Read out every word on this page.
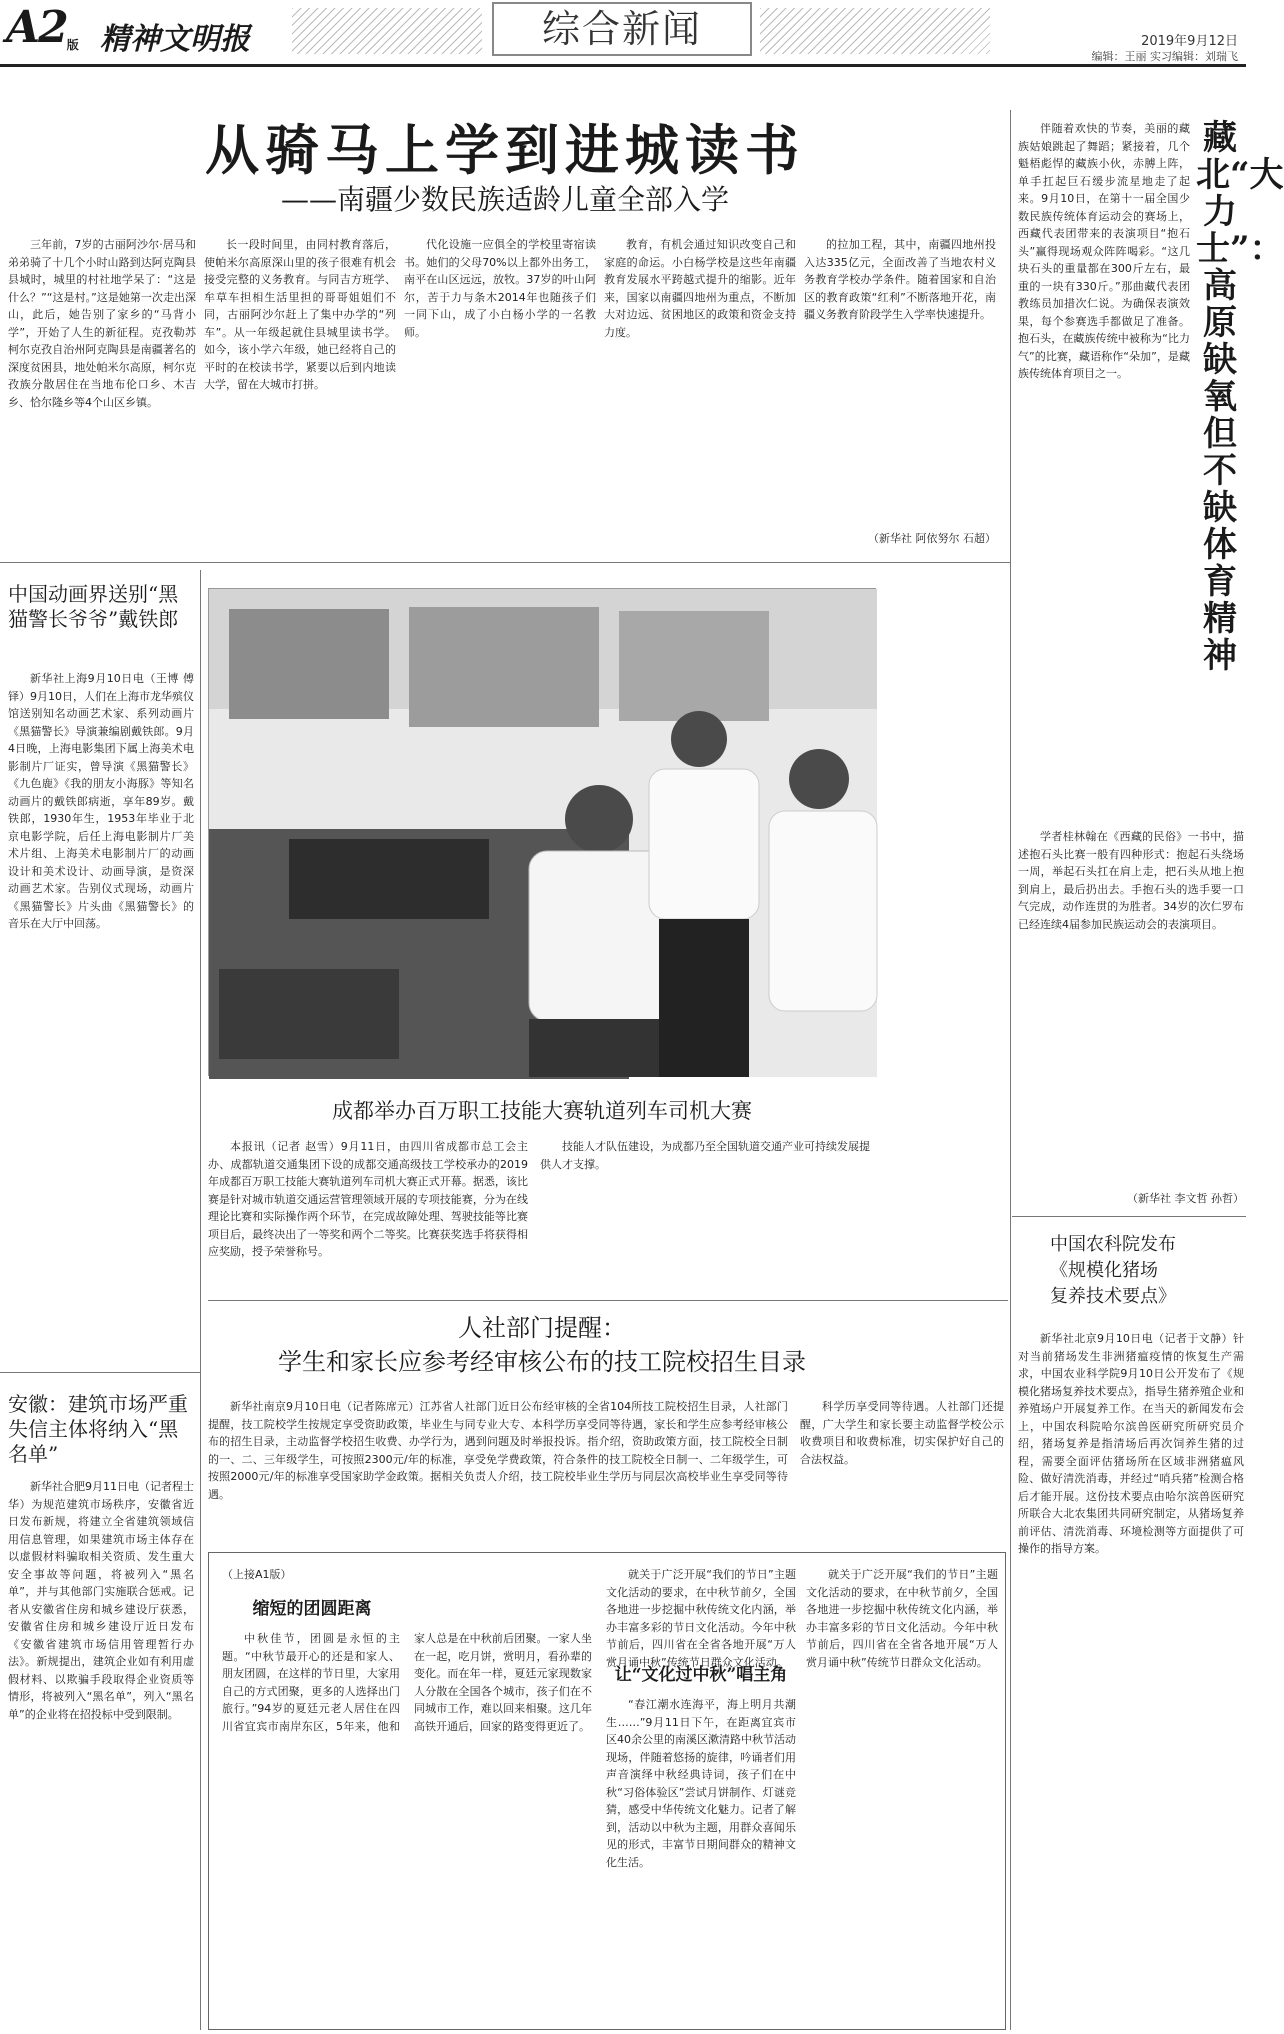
A2版 精神文明报	综合新闻	2019年9月12日
编辑：王丽 实习编辑：刘瑞飞
从骑马上学到进城读书
——南疆少数民族适龄儿童全部入学

三年前，7岁的古丽阿沙尔·居马和弟弟骑了十几个小时山路到达阿克陶县县城时，城里的村社地学呆了：“这是什么？”“这是村。”这是她第一次走出深山，此后，她告别了家乡的“马背小学”，开始了人生的新征程。克孜勒苏柯尔克孜自治州阿克陶县是南疆著名的深度贫困县，地处帕米尔高原，柯尔克孜族分散居住在当地布伦口乡、木吉乡、恰尔隆乡等4个山区乡镇。

长一段时间里，由同村教育落后，使帕米尔高原深山里的孩子很难有机会接受完整的义务教育。与同吉方班学、牟草车担相生活里担的哥哥姐姐们不同，古丽阿沙尔赶上了集中办学的“列车”。从一年级起就住县城里读书学。如今，该小学六年级，她已经将自己的平时的在校读书学，紧要以后到内地读大学，留在大城市打拼。

代化设施一应俱全的学校里寄宿读书。她们的父母70%以上都外出务工，南平在山区远远，放牧。37岁的叶山阿尔，苦于力与条木2014年也随孩子们一同下山，成了小白杨小学的一名教师。

教育，有机会通过知识改变自己和家庭的命运。小白杨学校是这些年南疆教育发展水平跨越式提升的缩影。近年来，国家以南疆四地州为重点，不断加大对边远、贫困地区的政策和资金支持力度。

的拉加工程，其中，南疆四地州投入达335亿元，全面改善了当地农村义务教育学校办学条件。随着国家和自治区的教育政策“红利”不断落地开花，南疆义务教育阶段学生入学率快速提升。

（新华社 阿依努尔 石超）
成都举办百万职工技能大赛轨道列车司机大赛

本报讯（记者 赵雪）9月11日，由四川省成都市总工会主办、成都轨道交通集团下设的成都交通高级技工学校承办的2019年成都百万职工技能大赛轨道列车司机大赛正式开幕。据悉，该比赛是针对城市轨道交通运营管理领域开展的专项技能赛，分为在线理论比赛和实际操作两个环节，在完成故障处理、驾驶技能等比赛项目后，最终决出了一等奖和两个二等奖。比赛获奖选手将获得相应奖励，授予荣誉称号。

技能人才队伍建设，为成都乃至全国轨道交通产业可持续发展提供人才支撑。

中国动画界送别“黑猫警长爷爷”戴铁郎

新华社上海9月10日电（王博 傅铎）9月10日，人们在上海市龙华殡仪馆送别知名动画艺术家、系列动画片《黑猫警长》导演兼编剧戴铁郎。9月4日晚，上海电影集团下属上海美术电影制片厂证实，曾导演《黑猫警长》《九色鹿》《我的朋友小海豚》等知名动画片的戴铁郎病逝，享年89岁。戴铁郎，1930年生，1953年毕业于北京电影学院，后任上海电影制片厂美术片组、上海美术电影制片厂的动画设计和美术设计、动画导演，是资深动画艺术家。告别仪式现场，动画片《黑猫警长》片头曲《黑猫警长》的音乐在大厅中回荡。

安徽：建筑市场严重失信主体将纳入“黑名单”

新华社合肥9月11日电（记者程士华）为规范建筑市场秩序，安徽省近日发布新规，将建立全省建筑领域信用信息管理，如果建筑市场主体存在以虚假材料骗取相关资质、发生重大安全事故等问题，将被列入“黑名单”，并与其他部门实施联合惩戒。记者从安徽省住房和城乡建设厅获悉，安徽省住房和城乡建设厅近日发布《安徽省建筑市场信用管理暂行办法》。新规提出，建筑企业如有利用虚假材料、以欺骗手段取得企业资质等情形，将被列入“黑名单”，列入“黑名单”的企业将在招投标中受到限制。

人社部门提醒：
学生和家长应参考经审核公布的技工院校招生目录

新华社南京9月10日电（记者陈席元）江苏省人社部门近日公布经审核的全省104所技工院校招生目录，人社部门提醒，技工院校学生按规定享受资助政策，毕业生与同专业大专、本科学历享受同等待遇，家长和学生应参考经审核公布的招生目录，主动监督学校招生收费、办学行为，遇到问题及时举报投诉。指介绍，资助政策方面，技工院校全日制的一、二、三年级学生，可按照2300元/年的标准，享受免学费政策，符合条件的技工院校全日制一、二年级学生，可按照2000元/年的标准享受国家助学金政策。据相关负责人介绍，技工院校毕业生学历与同层次高校毕业生享受同等待遇。

科学历享受同等待遇。人社部门还提醒，广大学生和家长要主动监督学校公示收费项目和收费标准，切实保护好自己的合法权益。

（上接A1版）
缩短的团圆距离

中秋佳节，团圆是永恒的主题。“中秋节最开心的还是和家人、朋友团圆，在这样的节日里，大家用自己的方式团聚，更多的人选择出门旅行。”94岁的夏廷元老人居住在四川省宜宾市南岸东区，5年来，他和家人总是在中秋前后团聚。一家人坐在一起，吃月饼，赏明月，看孙辈的变化。而在年一样，夏廷元家现数家人分散在全国各个城市，孩子们在不同城市工作，难以回来相聚。这几年高铁开通后，回家的路变得更近了。

让“文化过中秋”唱主角

就关于广泛开展“我们的节日”主题文化活动的要求，在中秋节前夕，全国各地进一步挖掘中秋传统文化内涵，举办丰富多彩的节日文化活动。今年中秋节前后，四川省在全省各地开展“万人赏月诵中秋”传统节日群众文化活动。

“春江潮水连海平，海上明月共潮生……”9月11日下午，在距离宜宾市区40余公里的南溪区漱清路中秋节活动现场，伴随着悠扬的旋律，吟诵者们用声音演绎中秋经典诗词，孩子们在中秋“习俗体验区”尝试月饼制作、灯谜竞猜，感受中华传统文化魅力。记者了解到，活动以中秋为主题，用群众喜闻乐见的形式，丰富节日期间群众的精神文化生活。

就关于广泛开展“我们的节日”主题文化活动的要求，在中秋节前夕，全国各地进一步挖掘中秋传统文化内涵，举办丰富多彩的节日文化活动。今年中秋节前后，四川省在全省各地开展“万人赏月诵中秋”传统节日群众文化活动。

伴随着欢快的节奏，美丽的藏族姑娘跳起了舞蹈；紧接着，几个魁梧彪悍的藏族小伙，赤膊上阵，单手扛起巨石缓步流星地走了起来。9月10日，在第十一届全国少数民族传统体育运动会的赛场上，西藏代表团带来的表演项目“抱石头”赢得现场观众阵阵喝彩。“这几块石头的重量都在300斤左右，最重的一块有330斤。”那曲藏代表团教练员加措次仁说。为确保表演效果，每个参赛选手都做足了准备。抱石头，在藏族传统中被称为“比力气”的比赛，藏语称作“朵加”，是藏族传统体育项目之一。

藏北“大力士”：高原缺氧但不缺体育精神

学者桂林翰在《西藏的民俗》一书中，描述抱石头比赛一般有四种形式：抱起石头绕场一周，举起石头扛在肩上走，把石头从地上抱到肩上，最后扔出去。手抱石头的选手要一口气完成，动作连贯的为胜者。34岁的次仁罗布已经连续4届参加民族运动会的表演项目。

（新华社 李文哲 孙哲）
中国农科院发布
《规模化猪场
复养技术要点》

新华社北京9月10日电（记者于文静）针对当前猪场发生非洲猪瘟疫情的恢复生产需求，中国农业科学院9月10日公开发布了《规模化猪场复养技术要点》，指导生猪养殖企业和养殖场户开展复养工作。在当天的新闻发布会上，中国农科院哈尔滨兽医研究所研究员介绍，猪场复养是指清场后再次饲养生猪的过程，需要全面评估猪场所在区域非洲猪瘟风险、做好清洗消毒，并经过“哨兵猪”检测合格后才能开展。这份技术要点由哈尔滨兽医研究所联合大北农集团共同研究制定，从猪场复养前评估、清洗消毒、环境检测等方面提供了可操作的指导方案。
